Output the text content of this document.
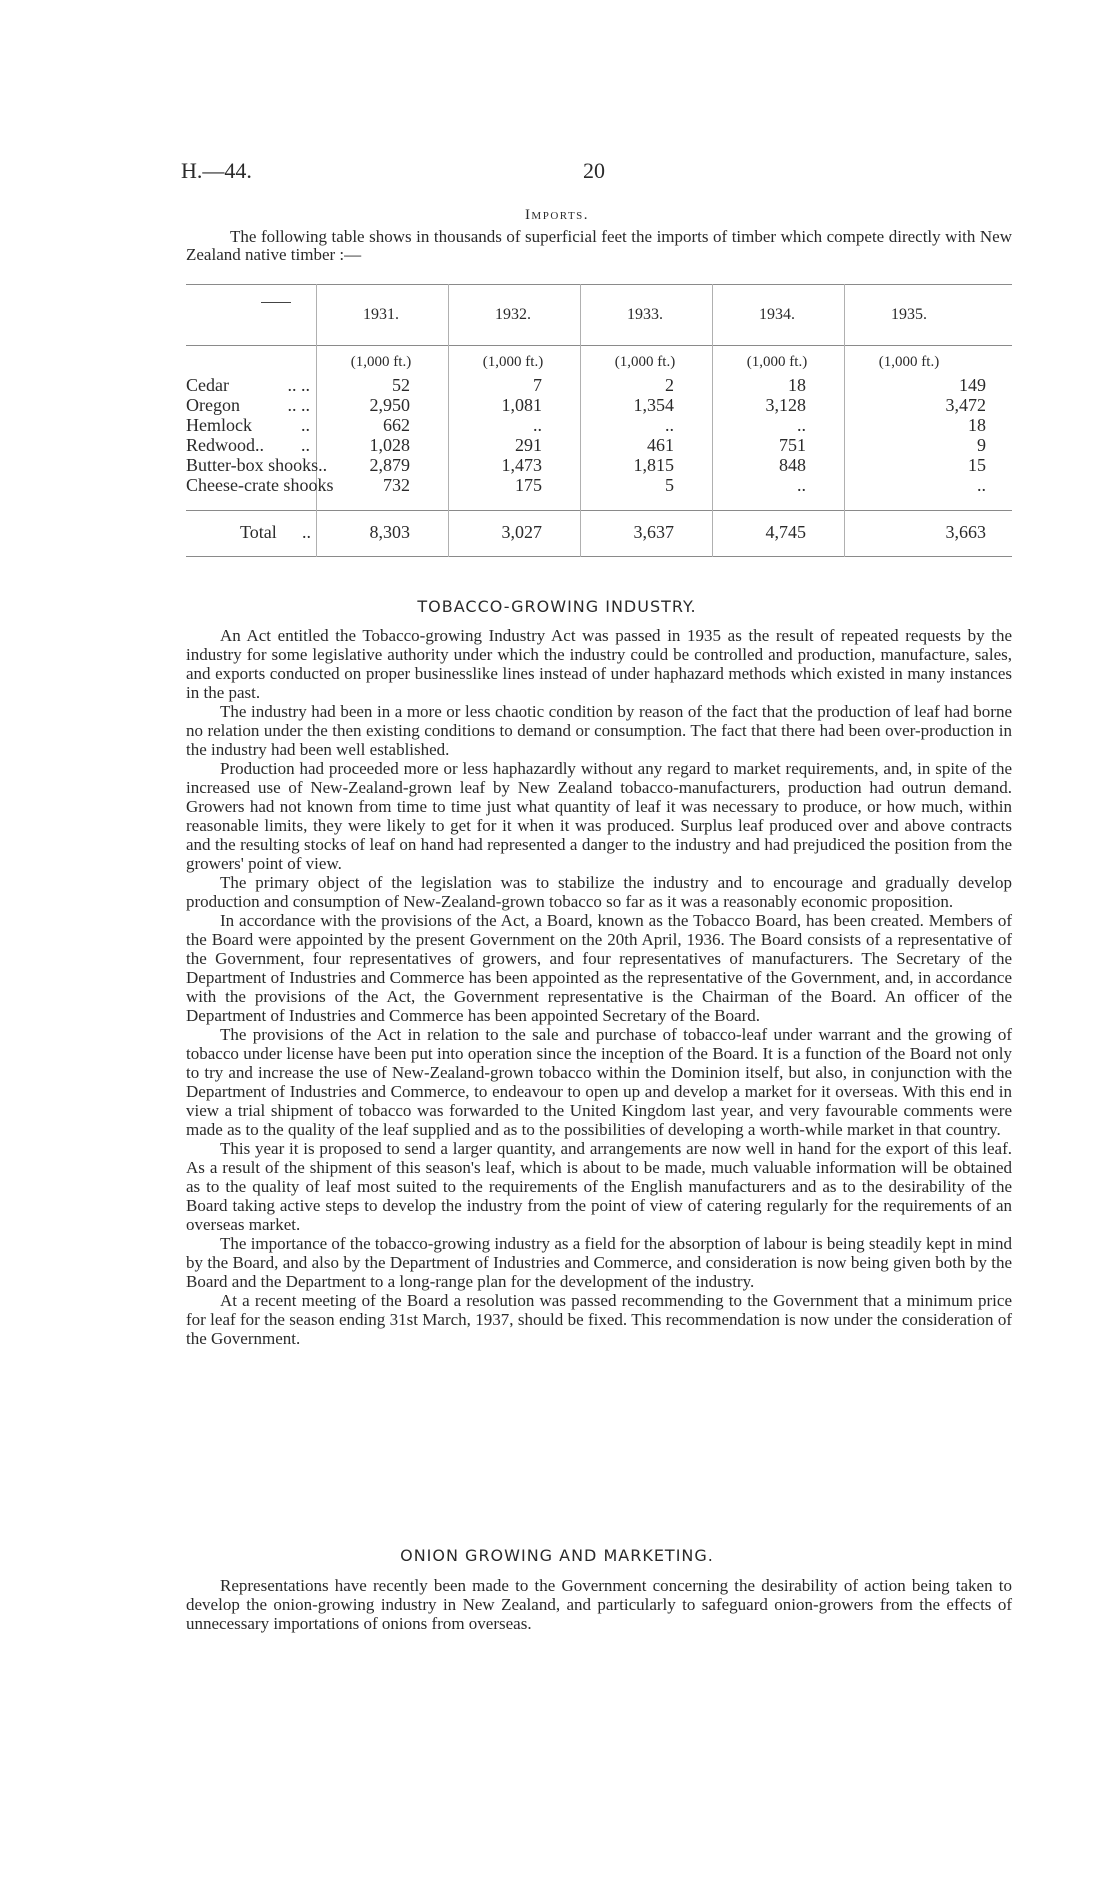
H.—44.	20
Imports.

The following table shows in thousands of superficial feet the imports of timber which compete directly with New Zealand native timber :—

1931.	1932.	1933.	1934.	1935.
(1,000 ft.)	(1,000 ft.)	(1,000 ft.)	(1,000 ft.)	(1,000 ft.)
Cedar	.. ..	52	7	2	18	149
Oregon	.. ..	2,950	1,081	1,354	3,128	3,472
Hemlock	..	662	..	..	..	18
Redwood.. ..	1,028	291	461	751	9
Butter-box shooks..	2,879	1,473	1,815	848	15
Cheese-crate shooks	732	175	5	..	..
Total ..	8,303	3,027	3,637	4,745	3,663
TOBACCO-GROWING INDUSTRY.

An Act entitled the Tobacco-growing Industry Act was passed in 1935 as the result of repeated requests by the industry for some legislative authority under which the industry could be controlled and production, manufacture, sales, and exports conducted on proper businesslike lines instead of under haphazard methods which existed in many instances in the past.

The industry had been in a more or less chaotic condition by reason of the fact that the production of leaf had borne no relation under the then existing conditions to demand or consumption. The fact that there had been over-production in the industry had been well established.

Production had proceeded more or less haphazardly without any regard to market requirements, and, in spite of the increased use of New-Zealand-grown leaf by New Zealand tobacco-manufacturers, production had outrun demand. Growers had not known from time to time just what quantity of leaf it was necessary to produce, or how much, within reasonable limits, they were likely to get for it when it was produced. Surplus leaf produced over and above contracts and the resulting stocks of leaf on hand had represented a danger to the industry and had prejudiced the position from the growers' point of view.

The primary object of the legislation was to stabilize the industry and to encourage and gradually develop production and consumption of New-Zealand-grown tobacco so far as it was a reasonably economic proposition.

In accordance with the provisions of the Act, a Board, known as the Tobacco Board, has been created. Members of the Board were appointed by the present Government on the 20th April, 1936. The Board consists of a representative of the Government, four representatives of growers, and four representatives of manufacturers. The Secretary of the Department of Industries and Commerce has been appointed as the representative of the Government, and, in accordance with the provisions of the Act, the Government representative is the Chairman of the Board. An officer of the Department of Industries and Commerce has been appointed Secretary of the Board.

The provisions of the Act in relation to the sale and purchase of tobacco-leaf under warrant and the growing of tobacco under license have been put into operation since the inception of the Board. It is a function of the Board not only to try and increase the use of New-Zealand-grown tobacco within the Dominion itself, but also, in conjunction with the Department of Industries and Commerce, to endeavour to open up and develop a market for it overseas. With this end in view a trial shipment of tobacco was forwarded to the United Kingdom last year, and very favourable comments were made as to the quality of the leaf supplied and as to the possibilities of developing a worth-while market in that country.

This year it is proposed to send a larger quantity, and arrangements are now well in hand for the export of this leaf. As a result of the shipment of this season's leaf, which is about to be made, much valuable information will be obtained as to the quality of leaf most suited to the requirements of the English manufacturers and as to the desirability of the Board taking active steps to develop the industry from the point of view of catering regularly for the requirements of an overseas market.

The importance of the tobacco-growing industry as a field for the absorption of labour is being steadily kept in mind by the Board, and also by the Department of Industries and Commerce, and consideration is now being given both by the Board and the Department to a long-range plan for the development of the industry.

At a recent meeting of the Board a resolution was passed recommending to the Government that a minimum price for leaf for the season ending 31st March, 1937, should be fixed. This recommendation is now under the consideration of the Government.

ONION GROWING AND MARKETING.

Representations have recently been made to the Government concerning the desirability of action being taken to develop the onion-growing industry in New Zealand, and particularly to safeguard onion-growers from the effects of unnecessary importations of onions from overseas.
